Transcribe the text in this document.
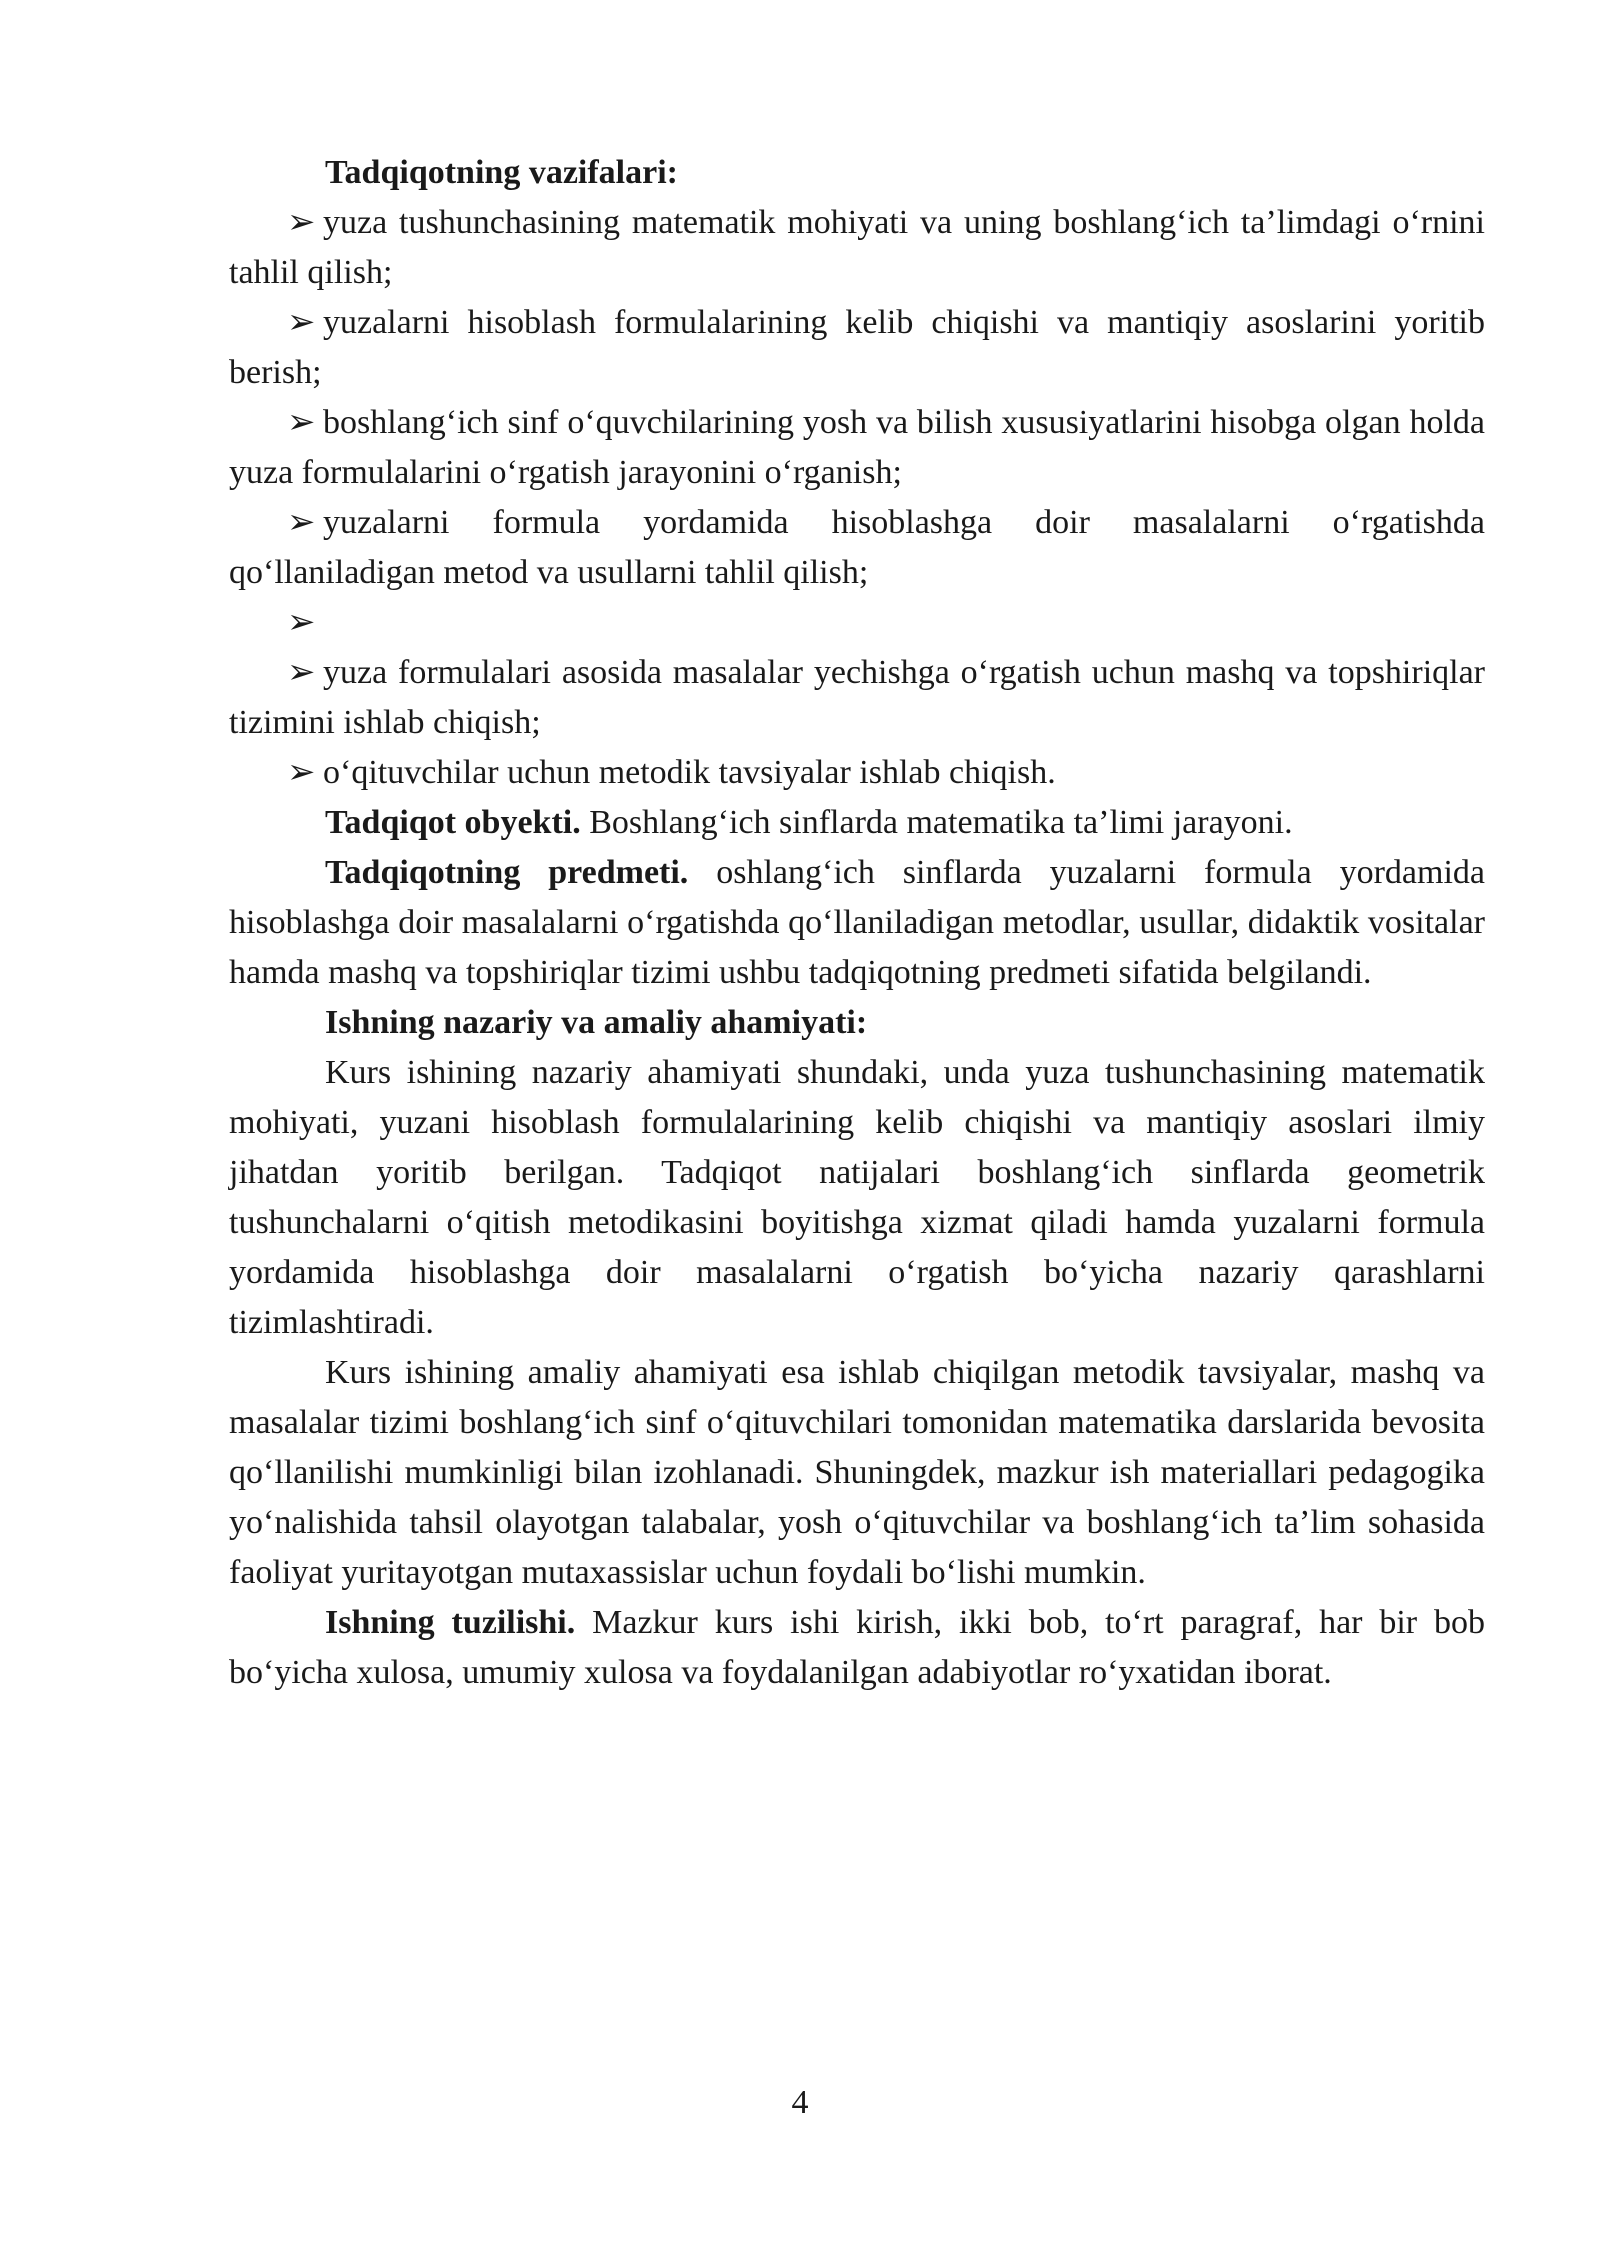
Tadqiqotning vazifalari:

➢ yuza tushunchasining matematik mohiyati va uning boshlang‘ich ta’limdagi o‘rnini tahlil qilish;
➢ yuzalarni hisoblash formulalarining kelib chiqishi va mantiqiy asoslarini yoritib berish;
➢ boshlang‘ich sinf o‘quvchilarining yosh va bilish xususiyatlarini hisobga olgan holda yuza formulalarini o‘rgatish jarayonini o‘rganish;
➢ yuzalarni formula yordamida hisoblashga doir masalalarni o‘rgatishda qo‘llaniladigan metod va usullarni tahlil qilish;
➢
➢ yuza formulalari asosida masalalar yechishga o‘rgatish uchun mashq va topshiriqlar tizimini ishlab chiqish;
➢ o‘qituvchilar uchun metodik tavsiyalar ishlab chiqish.

Tadqiqot obyekti. Boshlang‘ich sinflarda matematika ta’limi jarayoni.

Tadqiqotning predmeti. oshlang‘ich sinflarda yuzalarni formula yordamida hisoblashga doir masalalarni o‘rgatishda qo‘llaniladigan metodlar, usullar, didaktik vositalar hamda mashq va topshiriqlar tizimi ushbu tadqiqotning predmeti sifatida belgilandi.

Ishning nazariy va amaliy ahamiyati:

Kurs ishining nazariy ahamiyati shundaki, unda yuza tushunchasining matematik mohiyati, yuzani hisoblash formulalarining kelib chiqishi va mantiqiy asoslari ilmiy jihatdan yoritib berilgan. Tadqiqot natijalari boshlang‘ich sinflarda geometrik tushunchalarni o‘qitish metodikasini boyitishga xizmat qiladi hamda yuzalarni formula yordamida hisoblashga doir masalalarni o‘rgatish bo‘yicha nazariy qarashlarni tizimlashtiradi.

Kurs ishining amaliy ahamiyati esa ishlab chiqilgan metodik tavsiyalar, mashq va masalalar tizimi boshlang‘ich sinf o‘qituvchilari tomonidan matematika darslarida bevosita qo‘llanilishi mumkinligi bilan izohlanadi. Shuningdek, mazkur ish materiallari pedagogika yo‘nalishida tahsil olayotgan talabalar, yosh o‘qituvchilar va boshlang‘ich ta’lim sohasida faoliyat yuritayotgan mutaxassislar uchun foydali bo‘lishi mumkin.

Ishning tuzilishi. Mazkur kurs ishi kirish, ikki bob, to‘rt paragraf, har bir bob bo‘yicha xulosa, umumiy xulosa va foydalanilgan adabiyotlar ro‘yxatidan iborat.

4
